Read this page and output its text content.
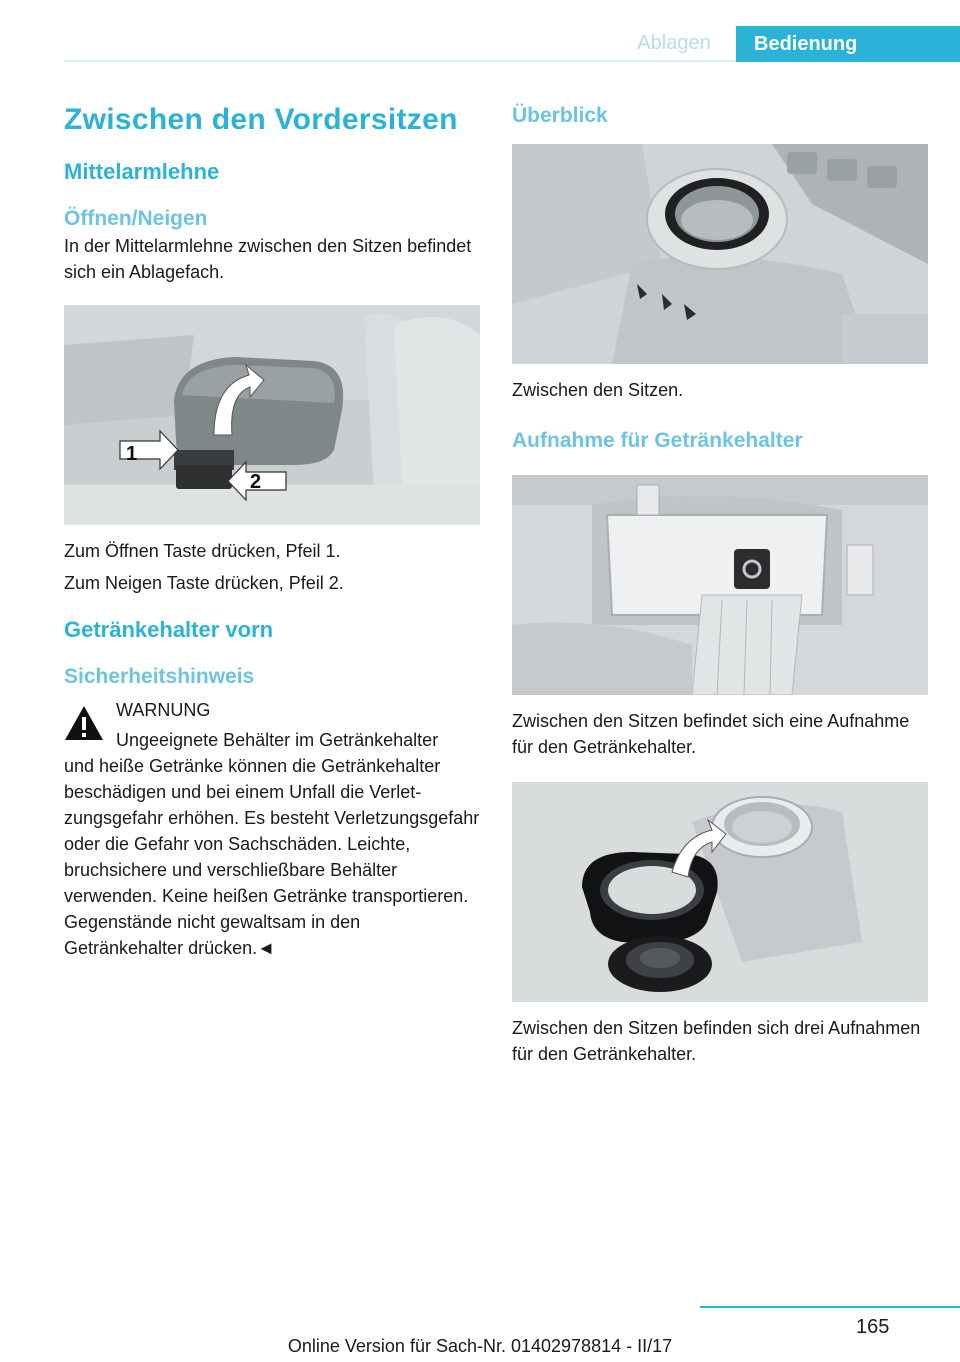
Ablagen	Bedienung
Zwischen den Vordersitzen
Mittelarmlehne
Öffnen/Neigen

In der Mittelarmlehne zwischen den Sitzen befindet sich ein Ablagefach.

1
2

Zum Öffnen Taste drücken, Pfeil 1.

Zum Neigen Taste drücken, Pfeil 2.

Getränkehalter vorn
Sicherheitshinweis

WARNUNG

Ungeeignete Behälter im Getränkehalter

und heiße Getränke können die Getränkehalter beschädigen und bei einem Unfall die Verletzungsgefahr erhöhen. Es besteht Verletzungsgefahr oder die Gefahr von Sachschäden. Leichte, bruchsichere und verschließbare Behälter verwenden. Keine heißen Getränke transportieren. Gegenstände nicht gewaltsam in den Getränkehalter drücken.◄

Überblick

Zwischen den Sitzen.

Aufnahme für Getränkehalter

Zwischen den Sitzen befindet sich eine Aufnahme für den Getränkehalter.

Zwischen den Sitzen befinden sich drei Aufnahmen für den Getränkehalter.

165
Online Version für Sach-Nr. 01402978814 - II/17
